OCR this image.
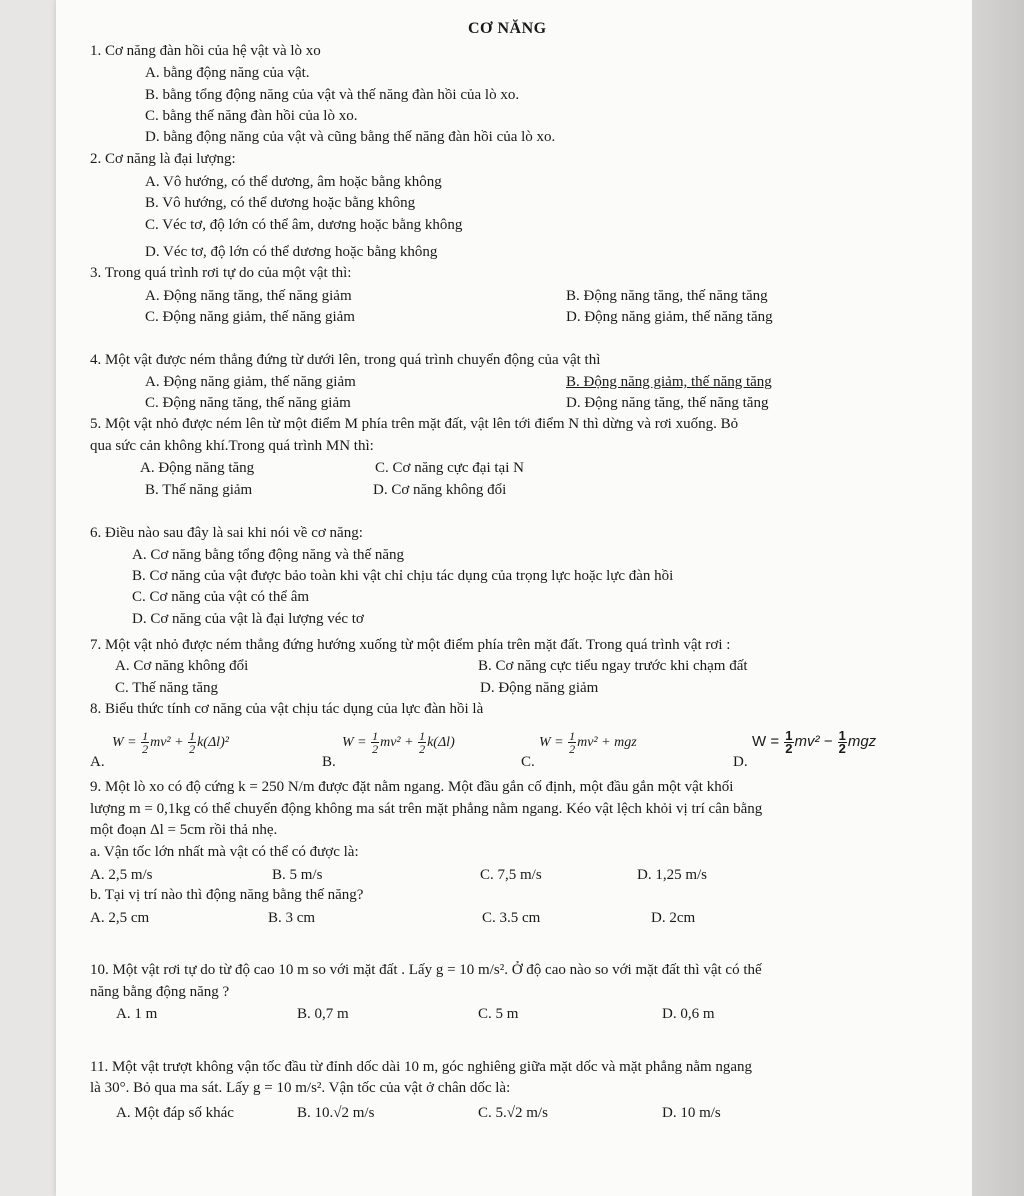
CƠ NĂNG
1. Cơ năng đàn hồi của hệ vật và lò xo
A. bằng động năng của vật.
B. bằng tổng động năng của vật và thế năng đàn hồi của lò xo.
C. bằng thế năng đàn hồi của lò xo.
D. bằng động năng của vật và cũng bằng thế năng đàn hồi của lò xo.
2. Cơ năng là đại lượng:
A. Vô hướng, có thể dương, âm hoặc bằng không
B. Vô hướng, có thể dương hoặc bằng không
C. Véc tơ, độ lớn có thể âm, dương hoặc bằng không
D. Véc tơ, độ lớn có thể dương hoặc bằng không
3. Trong quá trình rơi tự do của một vật thì:
A. Động năng tăng, thế năng giảm	B. Động năng tăng, thế năng tăng
C. Động năng giảm, thế năng giảm	D. Động năng giảm, thế năng tăng
4. Một vật được ném thẳng đứng từ dưới lên, trong quá trình chuyển động của vật thì
A. Động năng giảm, thế năng giảm	B. Động năng giảm, thế năng tăng
C. Động năng tăng, thế năng giảm	D. Động năng tăng, thế năng tăng
5. Một vật nhỏ được ném lên từ một điểm M phía trên mặt đất, vật lên tới điểm N thì dừng và rơi xuống. Bỏ
qua sức cản không khí.Trong quá trình MN thì:
A. Động năng tăng	C. Cơ năng cực đại tại N
B. Thế năng giảm	D. Cơ năng không đổi
6. Điều nào sau đây là sai khi nói về cơ năng:
A. Cơ năng bằng tổng động năng và thế năng
B. Cơ năng của vật được bảo toàn khi vật chỉ chịu tác dụng của trọng lực hoặc lực đàn hồi
C. Cơ năng của vật có thể âm
D. Cơ năng của vật là đại lượng véc tơ
7. Một vật nhỏ được ném thẳng đứng hướng xuống từ một điểm phía trên mặt đất. Trong quá trình vật rơi :
A. Cơ năng không đổi	B. Cơ năng cực tiểu ngay trước khi chạm đất
C. Thế năng tăng	D. Động năng giảm
8. Biểu thức tính cơ năng của vật chịu tác dụng của lực đàn hồi là
A.
$W = \frac{1}{2} mv^2 + \frac{1}{2} k(\Delta l)^2$
B.
$W = \frac{1}{2} mv^2 + \frac{1}{2} k(\Delta l)$
C.
$W = \frac{1}{2} mv^2$ + mgz
D.
$W = \frac{1}{2} mv^2 - \frac{1}{2}$ mgz
9. Một lò xo có độ cứng k = 250 N/m được đặt nằm ngang. Một đầu gắn cố định, một đầu gắn một vật khối
lượng m = 0,1kg có thể chuyển động không ma sát trên mặt phẳng nằm ngang. Kéo vật lệch khỏi vị trí cân bằng
một đoạn Δl = 5cm rồi thả nhẹ.
a. Vận tốc lớn nhất mà vật có thể có được là:
A. 2,5 m/s	B. 5 m/s	C. 7,5 m/s	D. 1,25 m/s
b. Tại vị trí nào thì động năng bằng thế năng?
A. 2,5 cm	B. 3 cm	C. 3.5 cm	D. 2cm
10. Một vật rơi tự do từ độ cao 10 m so với mặt đất . Lấy g = 10 m/s². Ở độ cao nào so với mặt đất thì vật có thế
năng bằng động năng ?
A. 1 m	B. 0,7 m	C. 5 m	D. 0,6 m
11. Một vật trượt không vận tốc đầu từ đỉnh dốc dài 10 m, góc nghiêng giữa mặt dốc và mặt phẳng nằm ngang
là 30°. Bỏ qua ma sát. Lấy g = 10 m/s². Vận tốc của vật ở chân dốc là:
A. Một đáp số khác	B. 10.√2 m/s	C. 5.√2 m/s	D. 10 m/s
